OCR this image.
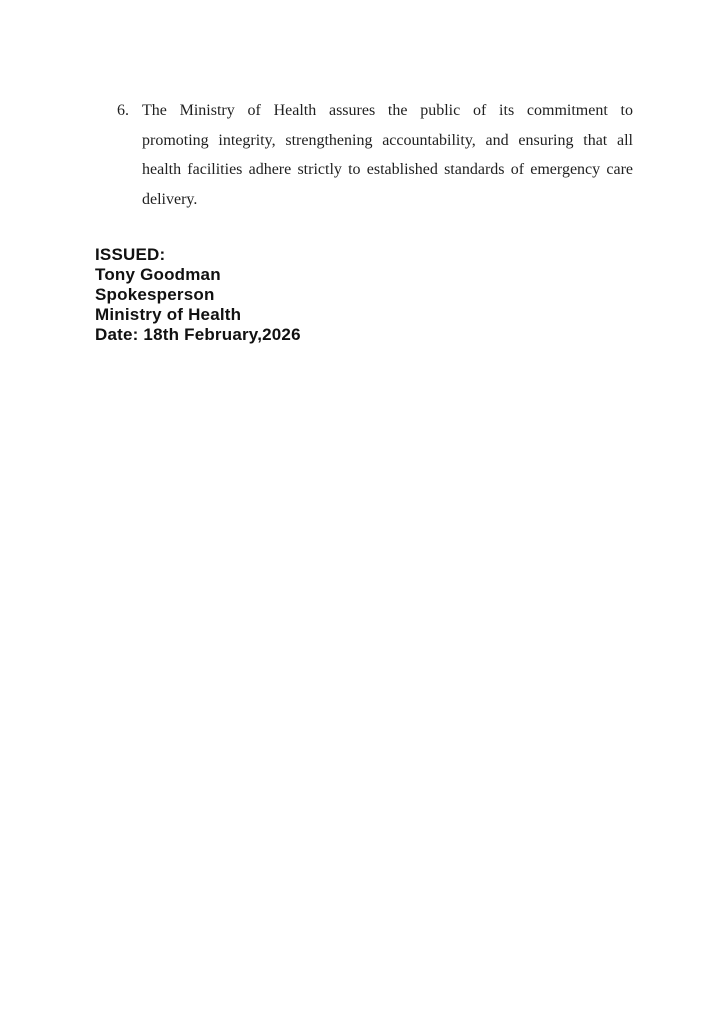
6. The Ministry of Health assures the public of its commitment to
promoting integrity, strengthening accountability, and ensuring that all
health facilities adhere strictly to established standards of emergency care
delivery.
ISSUED:
Tony Goodman
Spokesperson
Ministry of Health
Date: 18th February,2026
